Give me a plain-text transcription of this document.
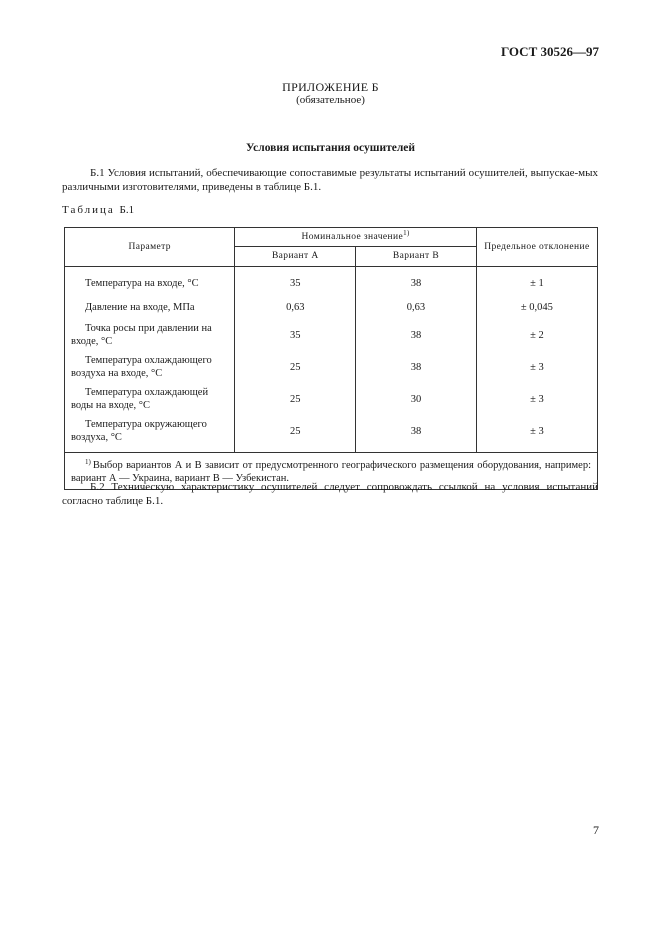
ГОСТ 30526—97
ПРИЛОЖЕНИЕ Б
(обязательное)
Условия испытания осушителей
Б.1 Условия испытаний, обеспечивающие сопоставимые результаты испытаний осушителей, выпускае-мых различными изготовителями, приведены в таблице Б.1.
Таблица Б.1
Параметр	Номинальное значение$^{1)}$		Предельное отклонение
	Вариант А	Вариант В	
Температура на входе, °С	35	38	± 1
Давление на входе, МПа	0,63	0,63	± 0,045
Точка росы при давлении на
входе, °С	35	38	± 2
Температура охлаждающего
воздуха на входе, °С	25	38	± 3
Температура охлаждающей
воды на входе, °С	25	30	± 3
Температура окружающего
воздуха, °С	25	38	± 3
$^{1)}$ Выбор вариантов А и В зависит от предусмотренного географического размещения оборудования, например: вариант А — Украина, вариант В — Узбекистан.			
Б.2 Техническую характеристику осушителей следует сопровождать ссылкой на условия испытаний согласно таблице Б.1.
7
